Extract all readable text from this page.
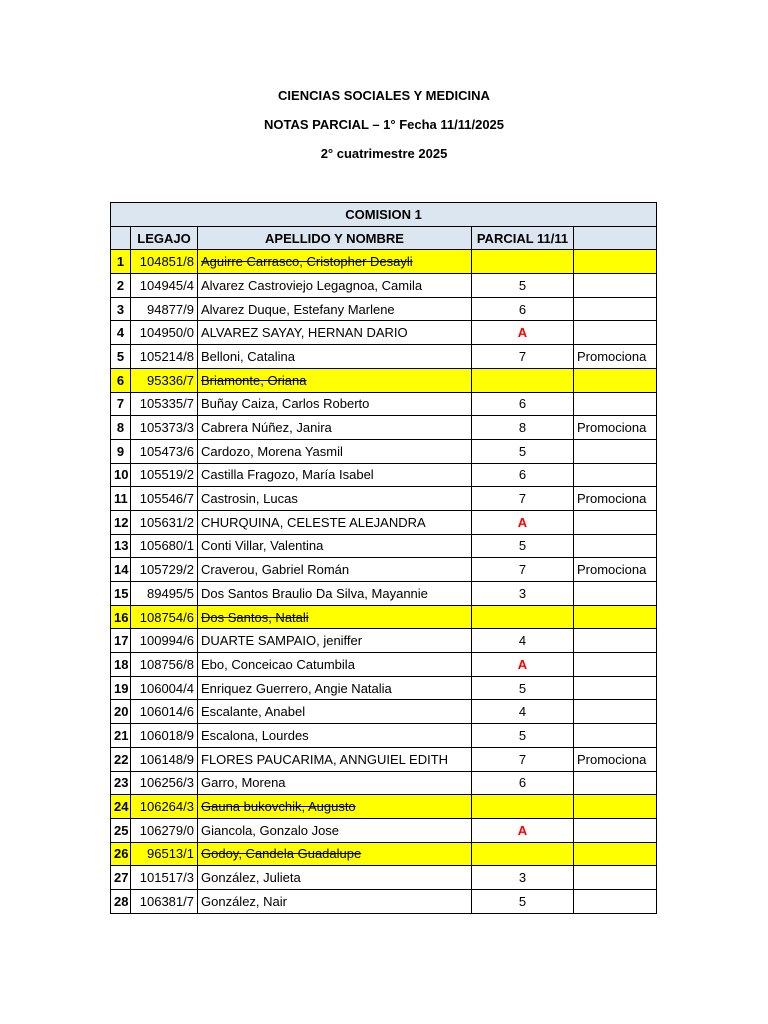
CIENCIAS SOCIALES Y MEDICINA
NOTAS PARCIAL – 1° Fecha 11/11/2025
2° cuatrimestre 2025
COMISION 1				
	LEGAJO	APELLIDO Y NOMBRE	PARCIAL 11/11	
1	104851/8	Aguirre Carrasco, Cristopher Desayli		
2	104945/4	Alvarez Castroviejo Legagnoa, Camila	5	
3	94877/9	Alvarez Duque, Estefany Marlene	6	
4	104950/0	ALVAREZ SAYAY, HERNAN DARIO	A	
5	105214/8	Belloni, Catalina	7	Promociona
6	95336/7	Briamonte, Oriana		
7	105335/7	Buñay Caiza, Carlos Roberto	6	
8	105373/3	Cabrera Núñez, Janira	8	Promociona
9	105473/6	Cardozo, Morena Yasmil	5	
10	105519/2	Castilla Fragozo, María Isabel	6	
11	105546/7	Castrosin, Lucas	7	Promociona
12	105631/2	CHURQUINA, CELESTE ALEJANDRA	A	
13	105680/1	Conti Villar, Valentina	5	
14	105729/2	Craverou, Gabriel Román	7	Promociona
15	89495/5	Dos Santos Braulio Da Silva, Mayannie	3	
16	108754/6	Dos Santos, Natali		
17	100994/6	DUARTE SAMPAIO, jeniffer	4	
18	108756/8	Ebo, Conceicao Catumbila	A	
19	106004/4	Enriquez Guerrero, Angie Natalia	5	
20	106014/6	Escalante, Anabel	4	
21	106018/9	Escalona, Lourdes	5	
22	106148/9	FLORES PAUCARIMA, ANNGUIEL EDITH	7	Promociona
23	106256/3	Garro, Morena	6	
24	106264/3	Gauna bukovchik, Augusto		
25	106279/0	Giancola, Gonzalo Jose	A	
26	96513/1	Godoy, Candela Guadalupe		
27	101517/3	González, Julieta	3	
28	106381/7	González, Nair	5	
